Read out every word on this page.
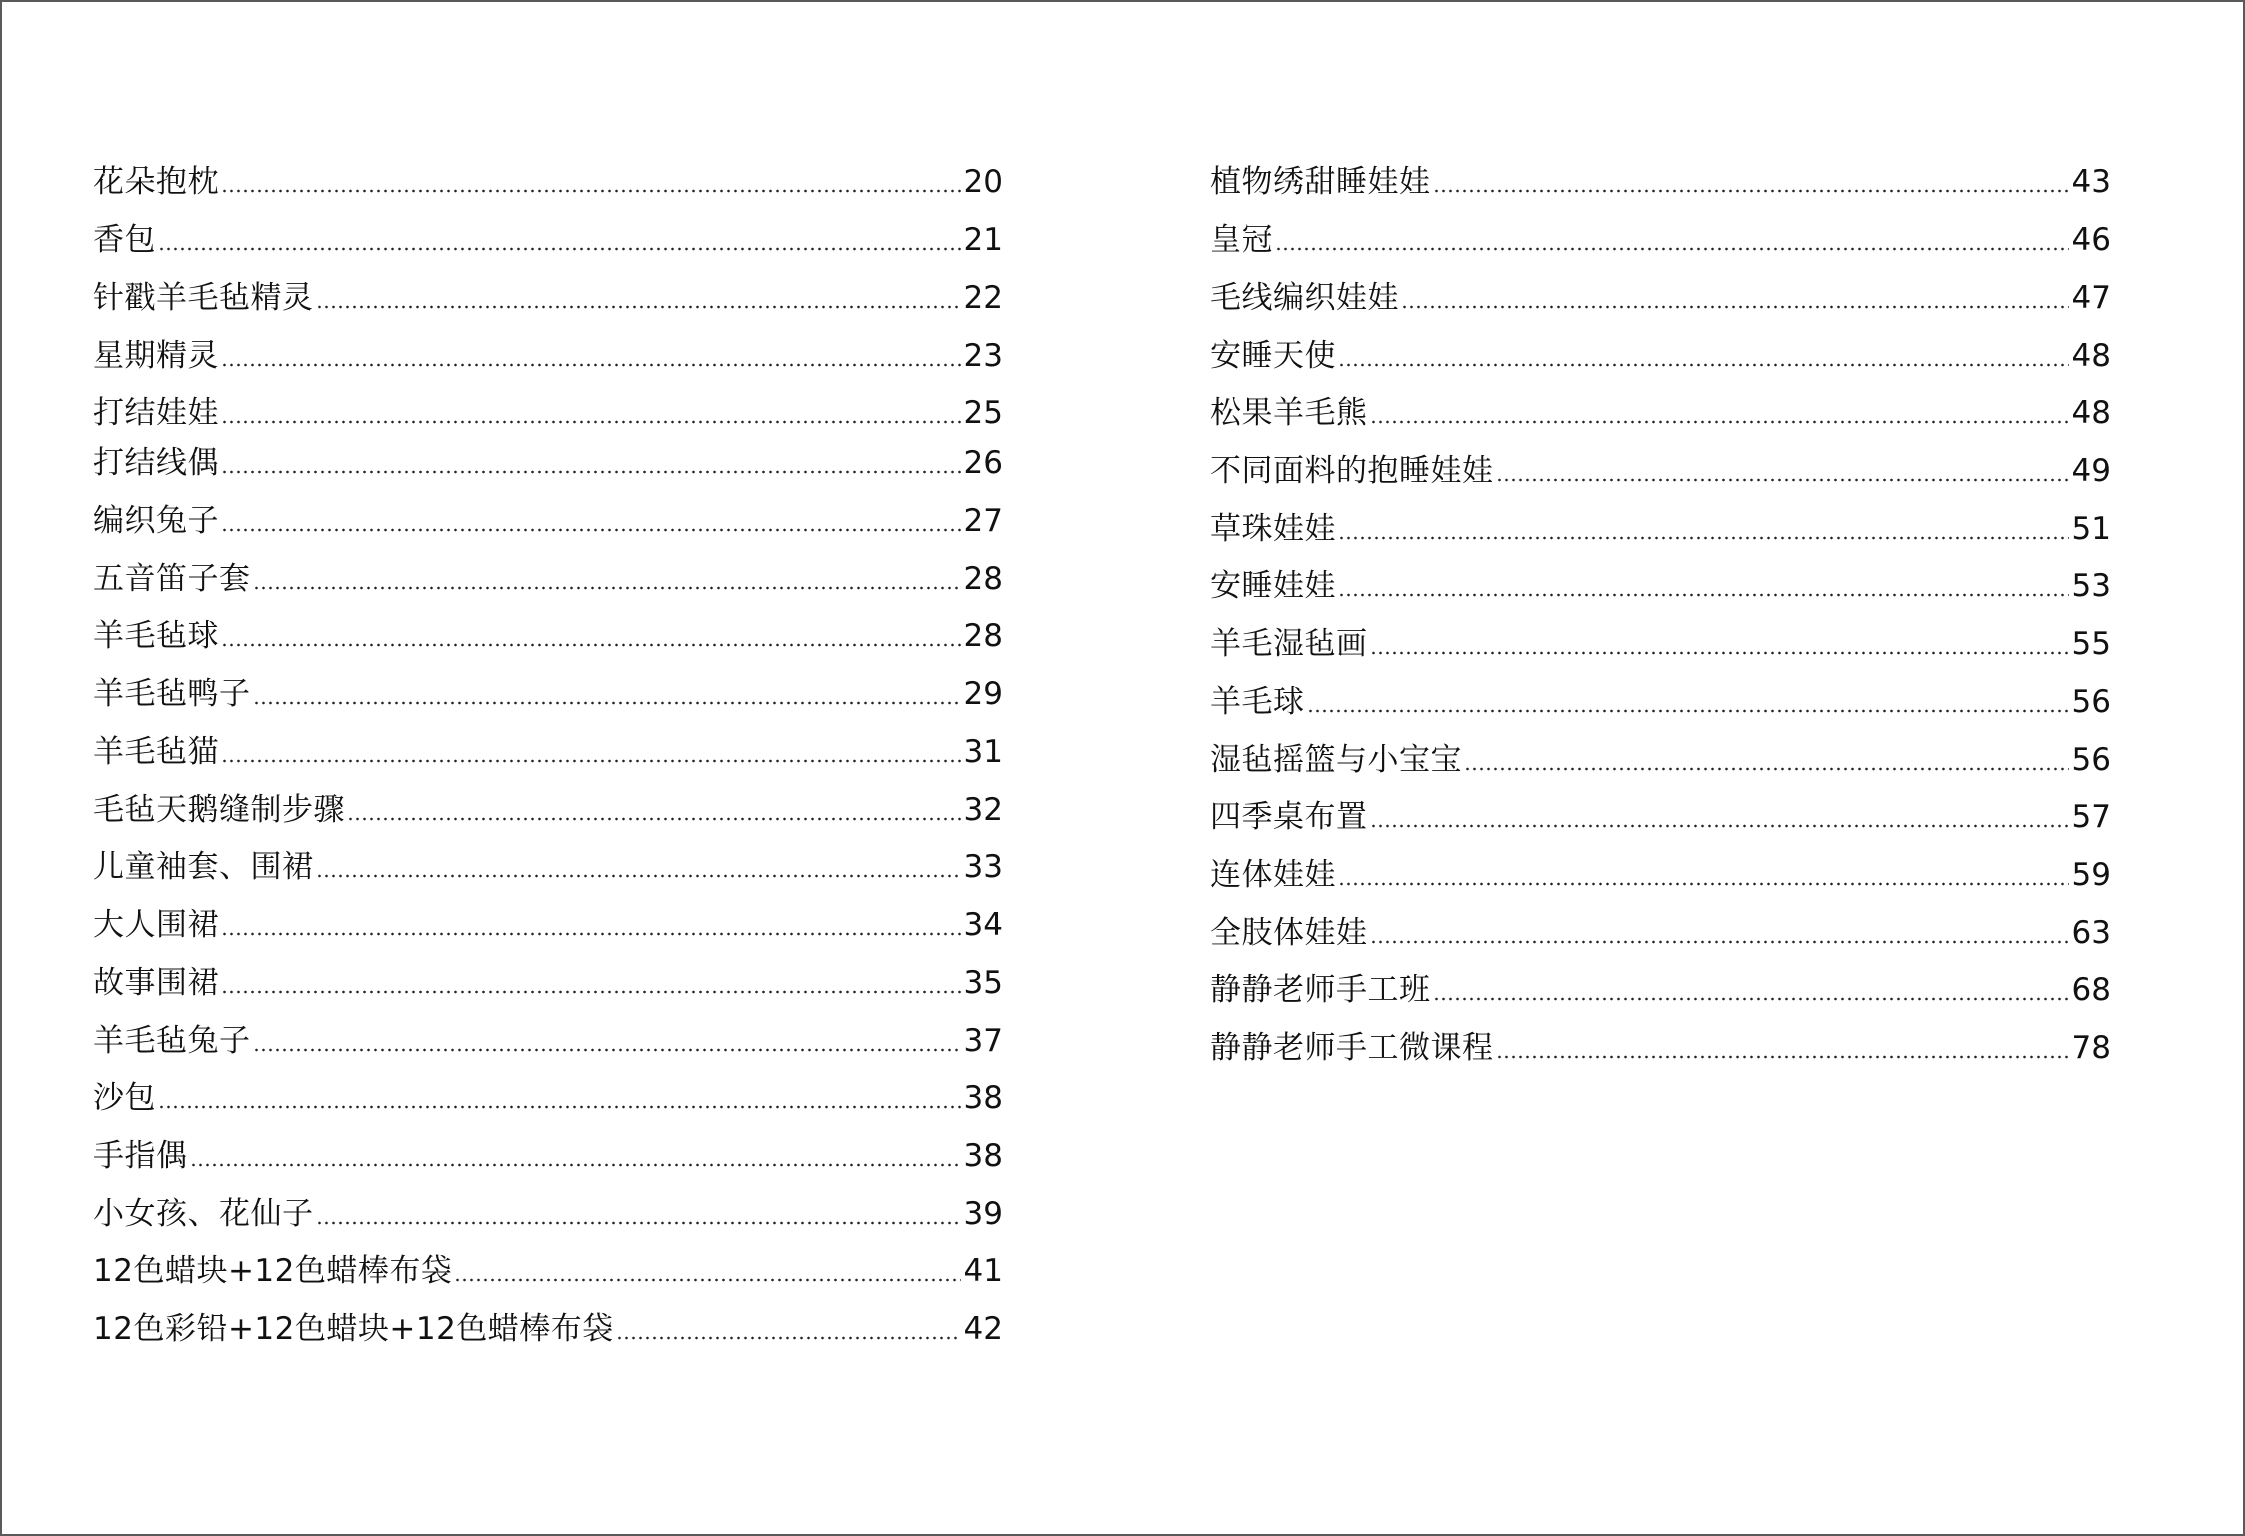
花朵抱枕	20
香包	21
针戳羊毛毡精灵	22
星期精灵	23
打结娃娃	25
打结线偶	26
编织兔子	27
五音笛子套	28
羊毛毡球	28
羊毛毡鸭子	29
羊毛毡猫	31
毛毡天鹅缝制步骤	32
儿童袖套、围裙	33
大人围裙	34
故事围裙	35
羊毛毡兔子	37
沙包	38
手指偶	38
小女孩、花仙子	39
12色蜡块+12色蜡棒布袋	41
12色彩铅+12色蜡块+12色蜡棒布袋	42
植物绣甜睡娃娃	43
皇冠	46
毛线编织娃娃	47
安睡天使	48
松果羊毛熊	48
不同面料的抱睡娃娃	49
草珠娃娃	51
安睡娃娃	53
羊毛湿毡画	55
羊毛球	56
湿毡摇篮与小宝宝	56
四季桌布置	57
连体娃娃	59
全肢体娃娃	63
静静老师手工班	68
静静老师手工微课程	78
